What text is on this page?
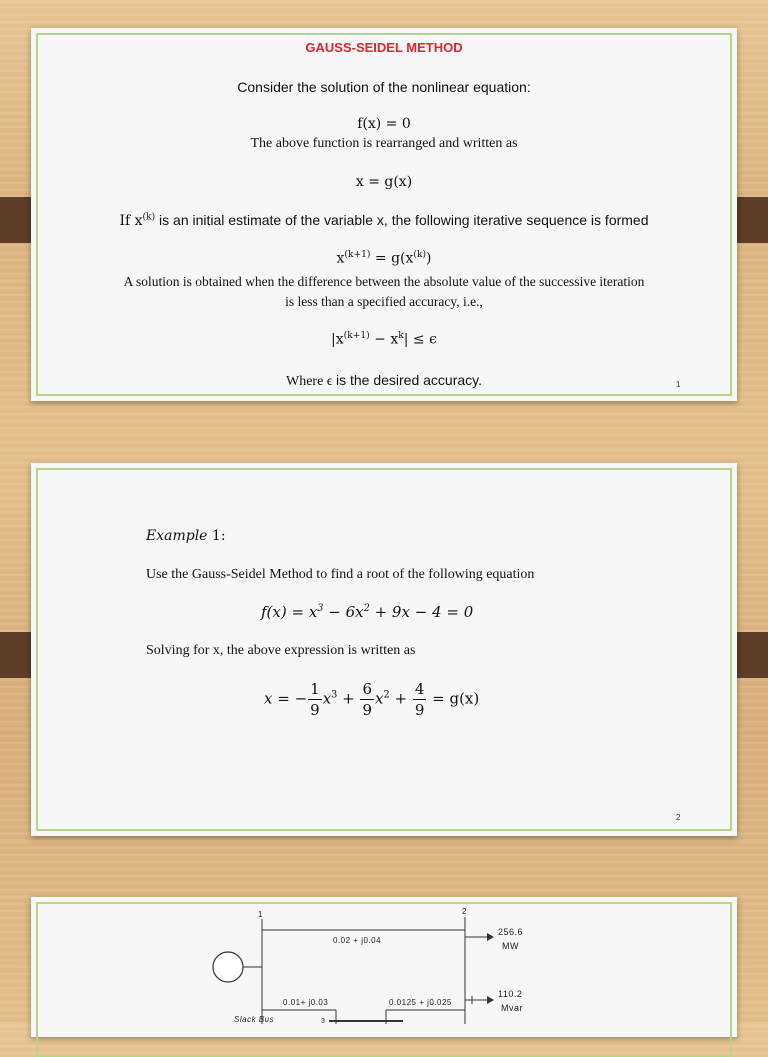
GAUSS-SEIDEL METHOD
Consider the solution of the nonlinear equation:
f(x) = 0
The above function is rearranged and written as
x = g(x)
If $x^{(k)}$ is an initial estimate of the variable x, the following iterative sequence is formed
$x^{(k+1)} = g(x^{(k)})$
A solution is obtained when the difference between the absolute value of the successive iteration
is less than a specified accuracy, i.e.,
$|x^{(k+1)} - x^k| \le \epsilon$
Where ϵ is the desired accuracy.	1
Example 1:
Use the Gauss-Seidel Method to find a root of the following equation
$f(x) = x^3 - 6x^2 + 9x - 4 = 0$
Solving for x, the above expression is written as
x = − $\frac{1}{9} x^3 + \frac{6}{9} x^2 + \frac{4}{9} = g(x)$
2
1	2
0.02 + j0.04
256.6
MW
110.2
Mvar
0.01+ j0.03	0.0125 + j0.025
3
Slack Bus
